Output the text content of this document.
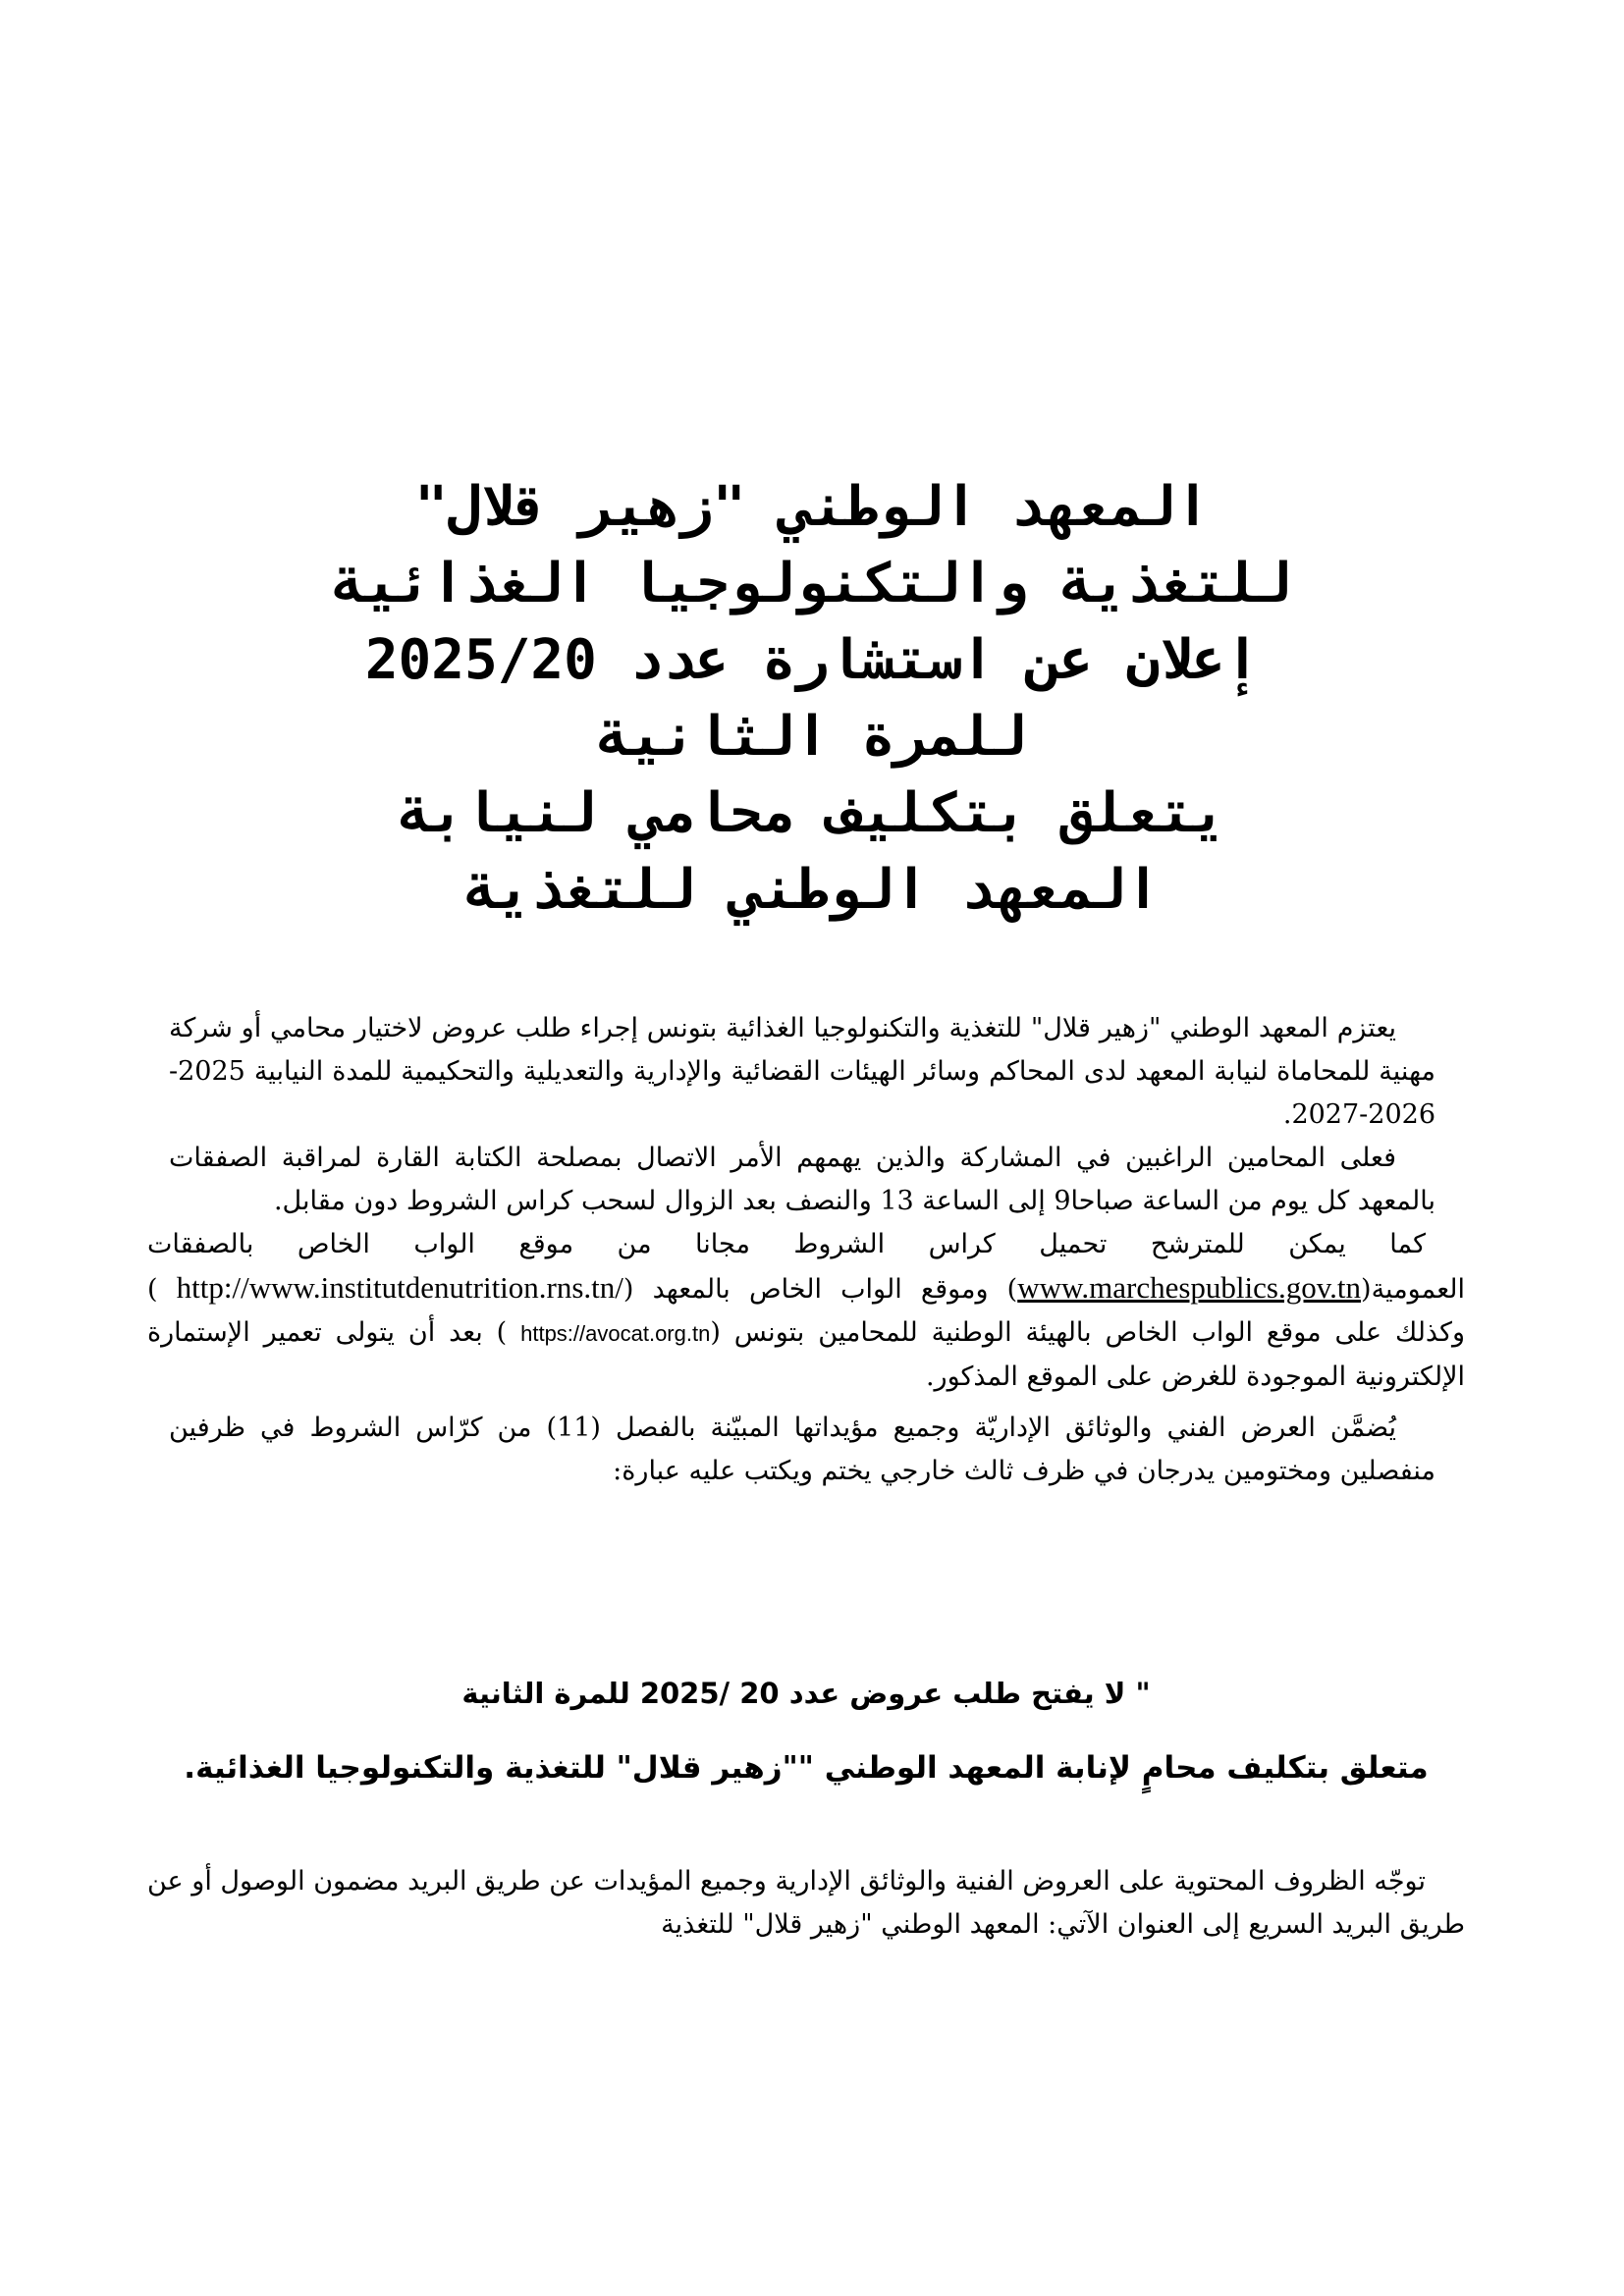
المعهد الوطني "زهير قلال"
للتغذية والتكنولوجيا الغذائية
إعلان عن استشارة عدد 2025/20
للمرة الثانية
يتعلق بتكليف محامي لنيابة
المعهد الوطني للتغذية

يعتزم المعهد الوطني "زهير قلال" للتغذية والتكنولوجيا الغذائية بتونس إجراء طلب عروض لاختيار محامي أو شركة مهنية للمحاماة لنيابة المعهد لدى المحاكم وسائر الهيئات القضائية والإدارية والتعديلية والتحكيمية للمدة النيابية 2025-2026-2027.

فعلى المحامين الراغبين في المشاركة والذين يهمهم الأمر الاتصال بمصلحة الكتابة القارة لمراقبة الصفقات بالمعهد كل يوم من الساعة صباحا9 إلى الساعة 13 والنصف بعد الزوال لسحب كراس الشروط دون مقابل.

كما يمكن للمترشح تحميل كراس الشروط مجانا من موقع الواب الخاص بالصفقات العمومية(www.marchespublics.gov.tn) وموقع الواب الخاص بالمعهد (http://www.institutdenutrition.rns.tn/ ) وكذلك على موقع الواب الخاص بالهيئة الوطنية للمحامين بتونس (https://avocat.org.tn ) بعد أن يتولى تعمير الإستمارة الإلكترونية الموجودة للغرض على الموقع المذكور.

يُضمَّن العرض الفني والوثائق الإداريّة وجميع مؤيداتها المبيّنة بالفصل (11) من كرّاس الشروط في ظرفين منفصلين ومختومين يدرجان في ظرف ثالث خارجي يختم ويكتب عليه عبارة:

" لا يفتح طلب عروض عدد 20 /2025 للمرة الثانية
متعلق بتكليف محامٍ لإنابة المعهد الوطني ""زهير قلال" للتغذية والتكنولوجيا الغذائية.

توجّه الظروف المحتوية على العروض الفنية والوثائق الإدارية وجميع المؤيدات عن طريق البريد مضمون الوصول أو عن طريق البريد السريع إلى العنوان الآتي: المعهد الوطني "زهير قلال" للتغذية
